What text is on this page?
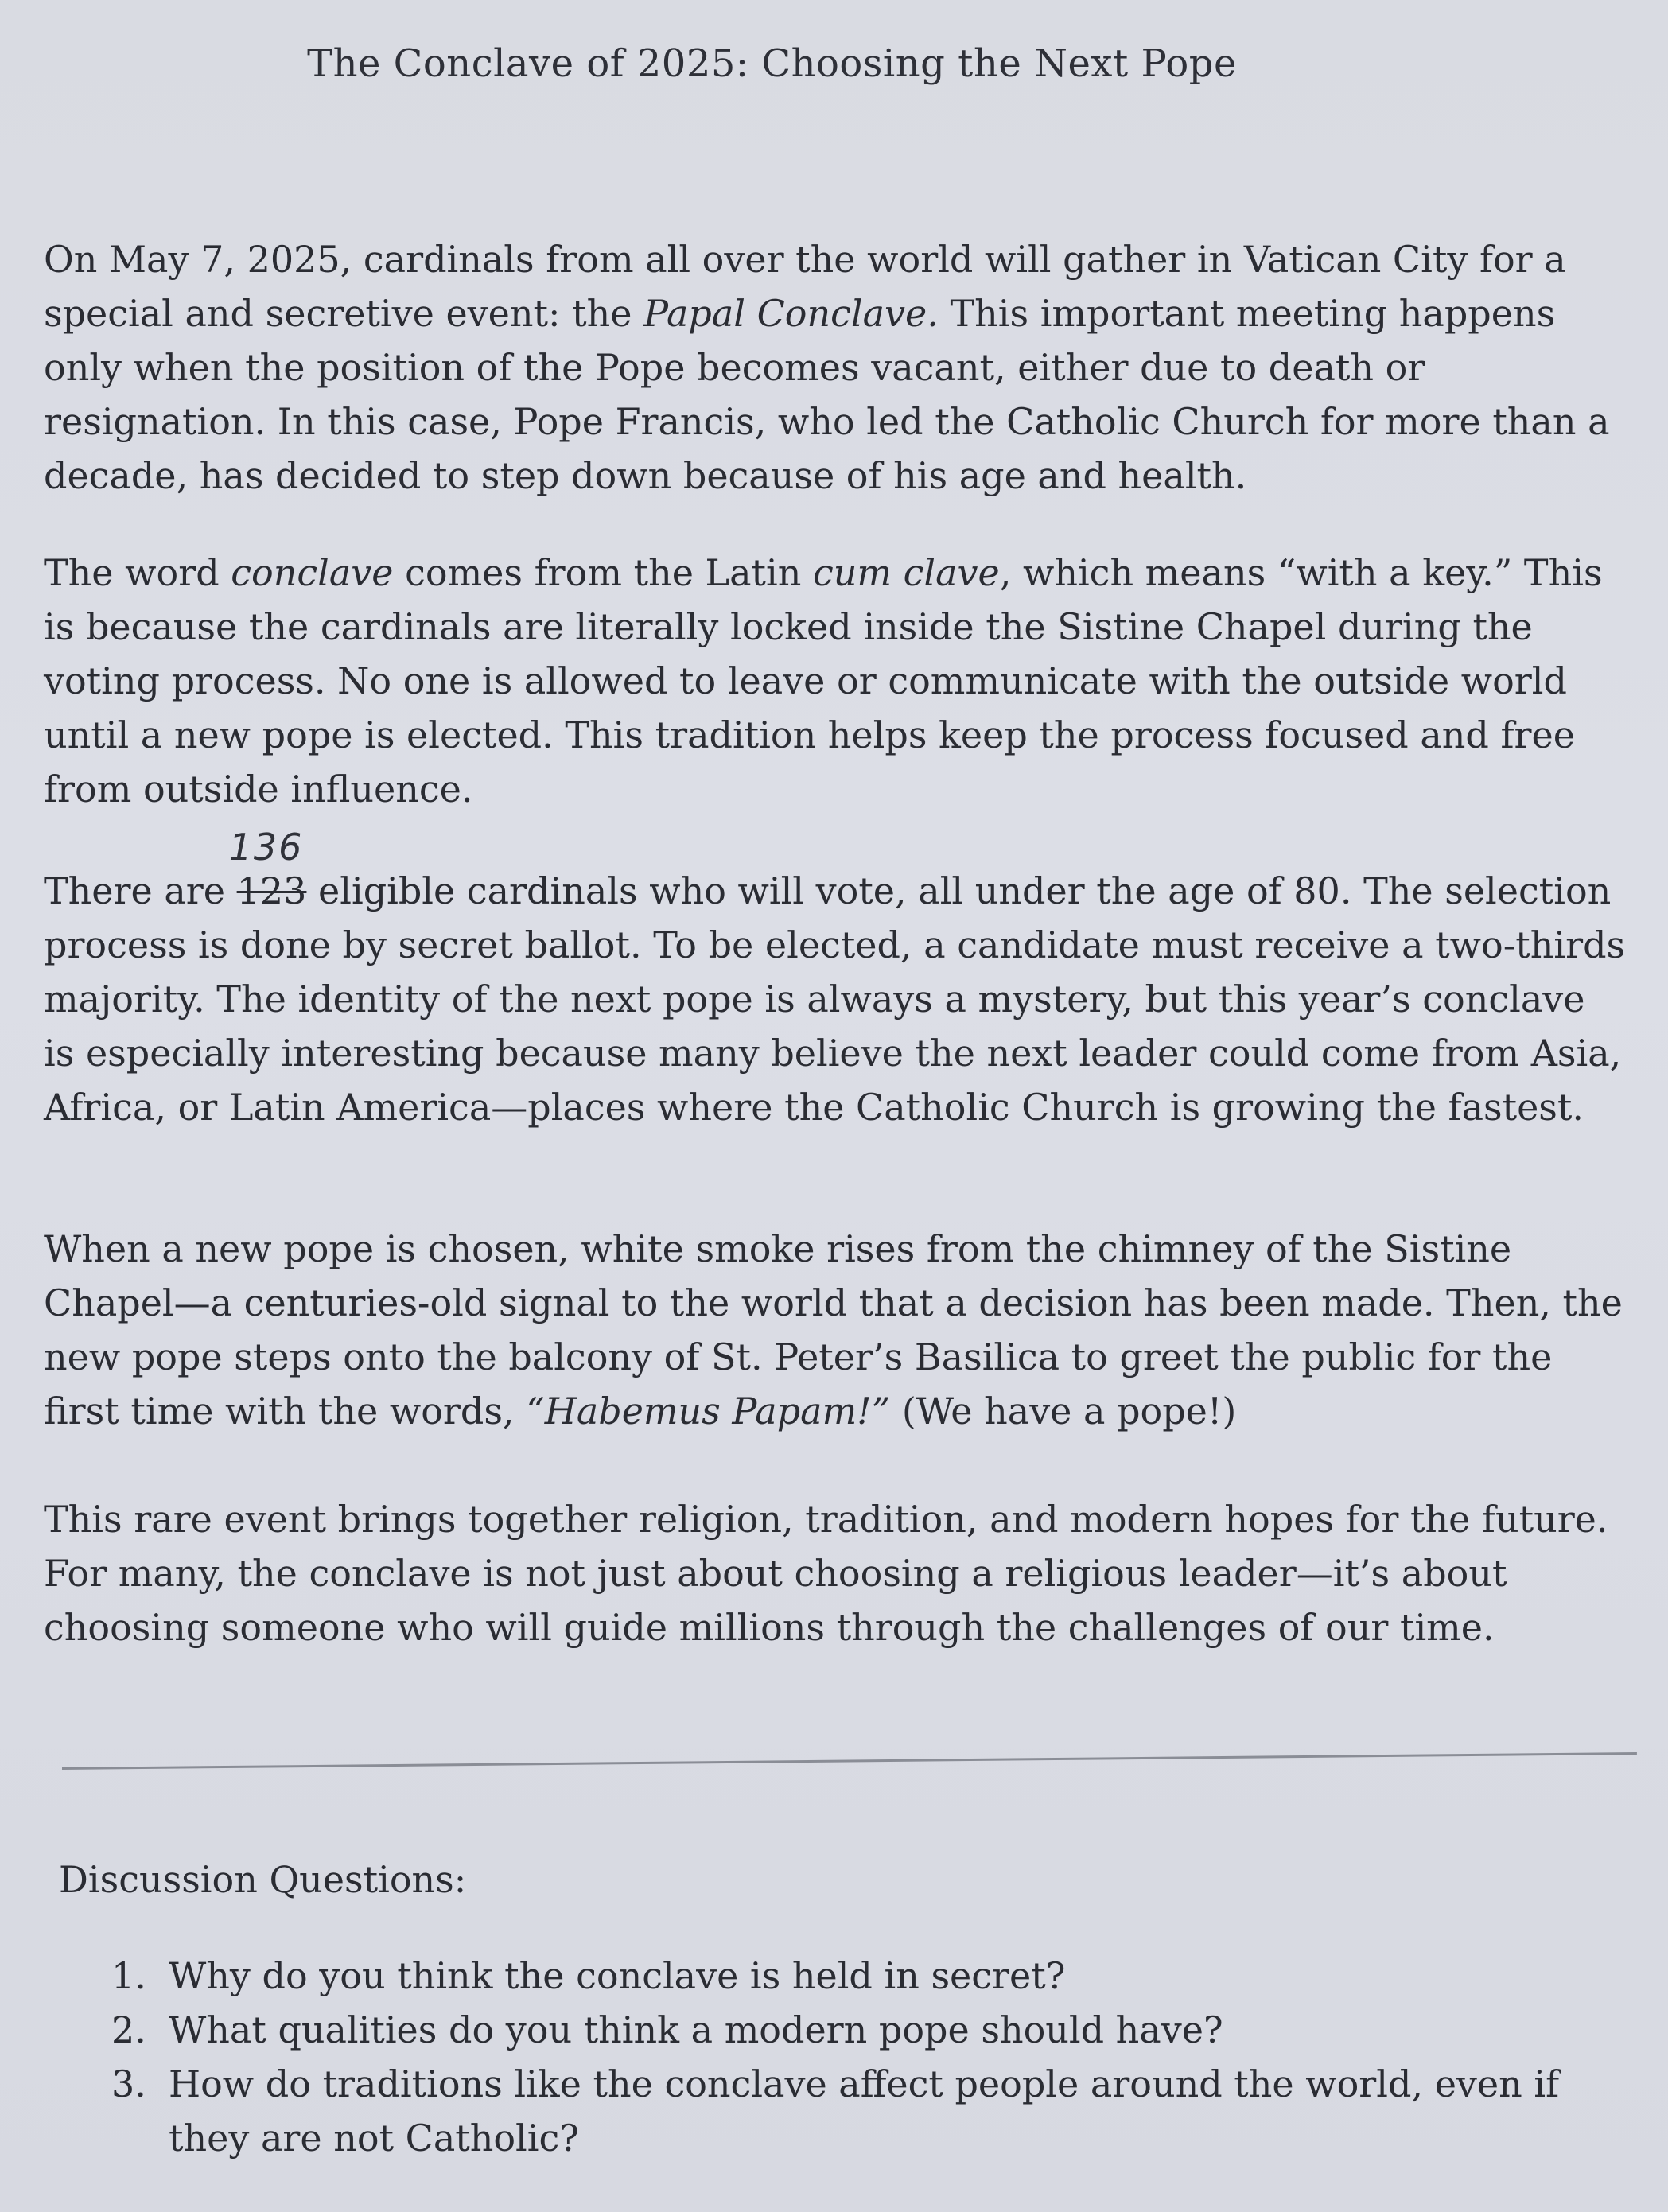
The Conclave of 2025: Choosing the Next Pope

On May 7, 2025, cardinals from all over the world will gather in Vatican City for a special and secretive event: the Papal Conclave. This important meeting happens only when the position of the Pope becomes vacant, either due to death or resignation. In this case, Pope Francis, who led the Catholic Church for more than a decade, has decided to step down because of his age and health.

The word conclave comes from the Latin cum clave, which means “with a key.” This is because the cardinals are literally locked inside the Sistine Chapel during the voting process. No one is allowed to leave or communicate with the outside world until a new pope is elected. This tradition helps keep the process focused and free from outside influence.

There are 123
136
eligible cardinals who will vote, all under the age of 80. The selection process is done by secret ballot. To be elected, a candidate must receive a two-thirds majority. The identity of the next pope is always a mystery, but this year’s conclave is especially interesting because many believe the next leader could come from Asia, Africa, or Latin America—places where the Catholic Church is growing the fastest.

When a new pope is chosen, white smoke rises from the chimney of the Sistine Chapel—a centuries-old signal to the world that a decision has been made. Then, the new pope steps onto the balcony of St. Peter’s Basilica to greet the public for the first time with the words, “Habemus Papam!” (We have a pope!)

This rare event brings together religion, tradition, and modern hopes for the future. For many, the conclave is not just about choosing a religious leader—it’s about choosing someone who will guide millions through the challenges of our time.

Discussion Questions:
1. Why do you think the conclave is held in secret?
2. What qualities do you think a modern pope should have?
3. How do traditions like the conclave affect people around the world, even if they are not Catholic?
